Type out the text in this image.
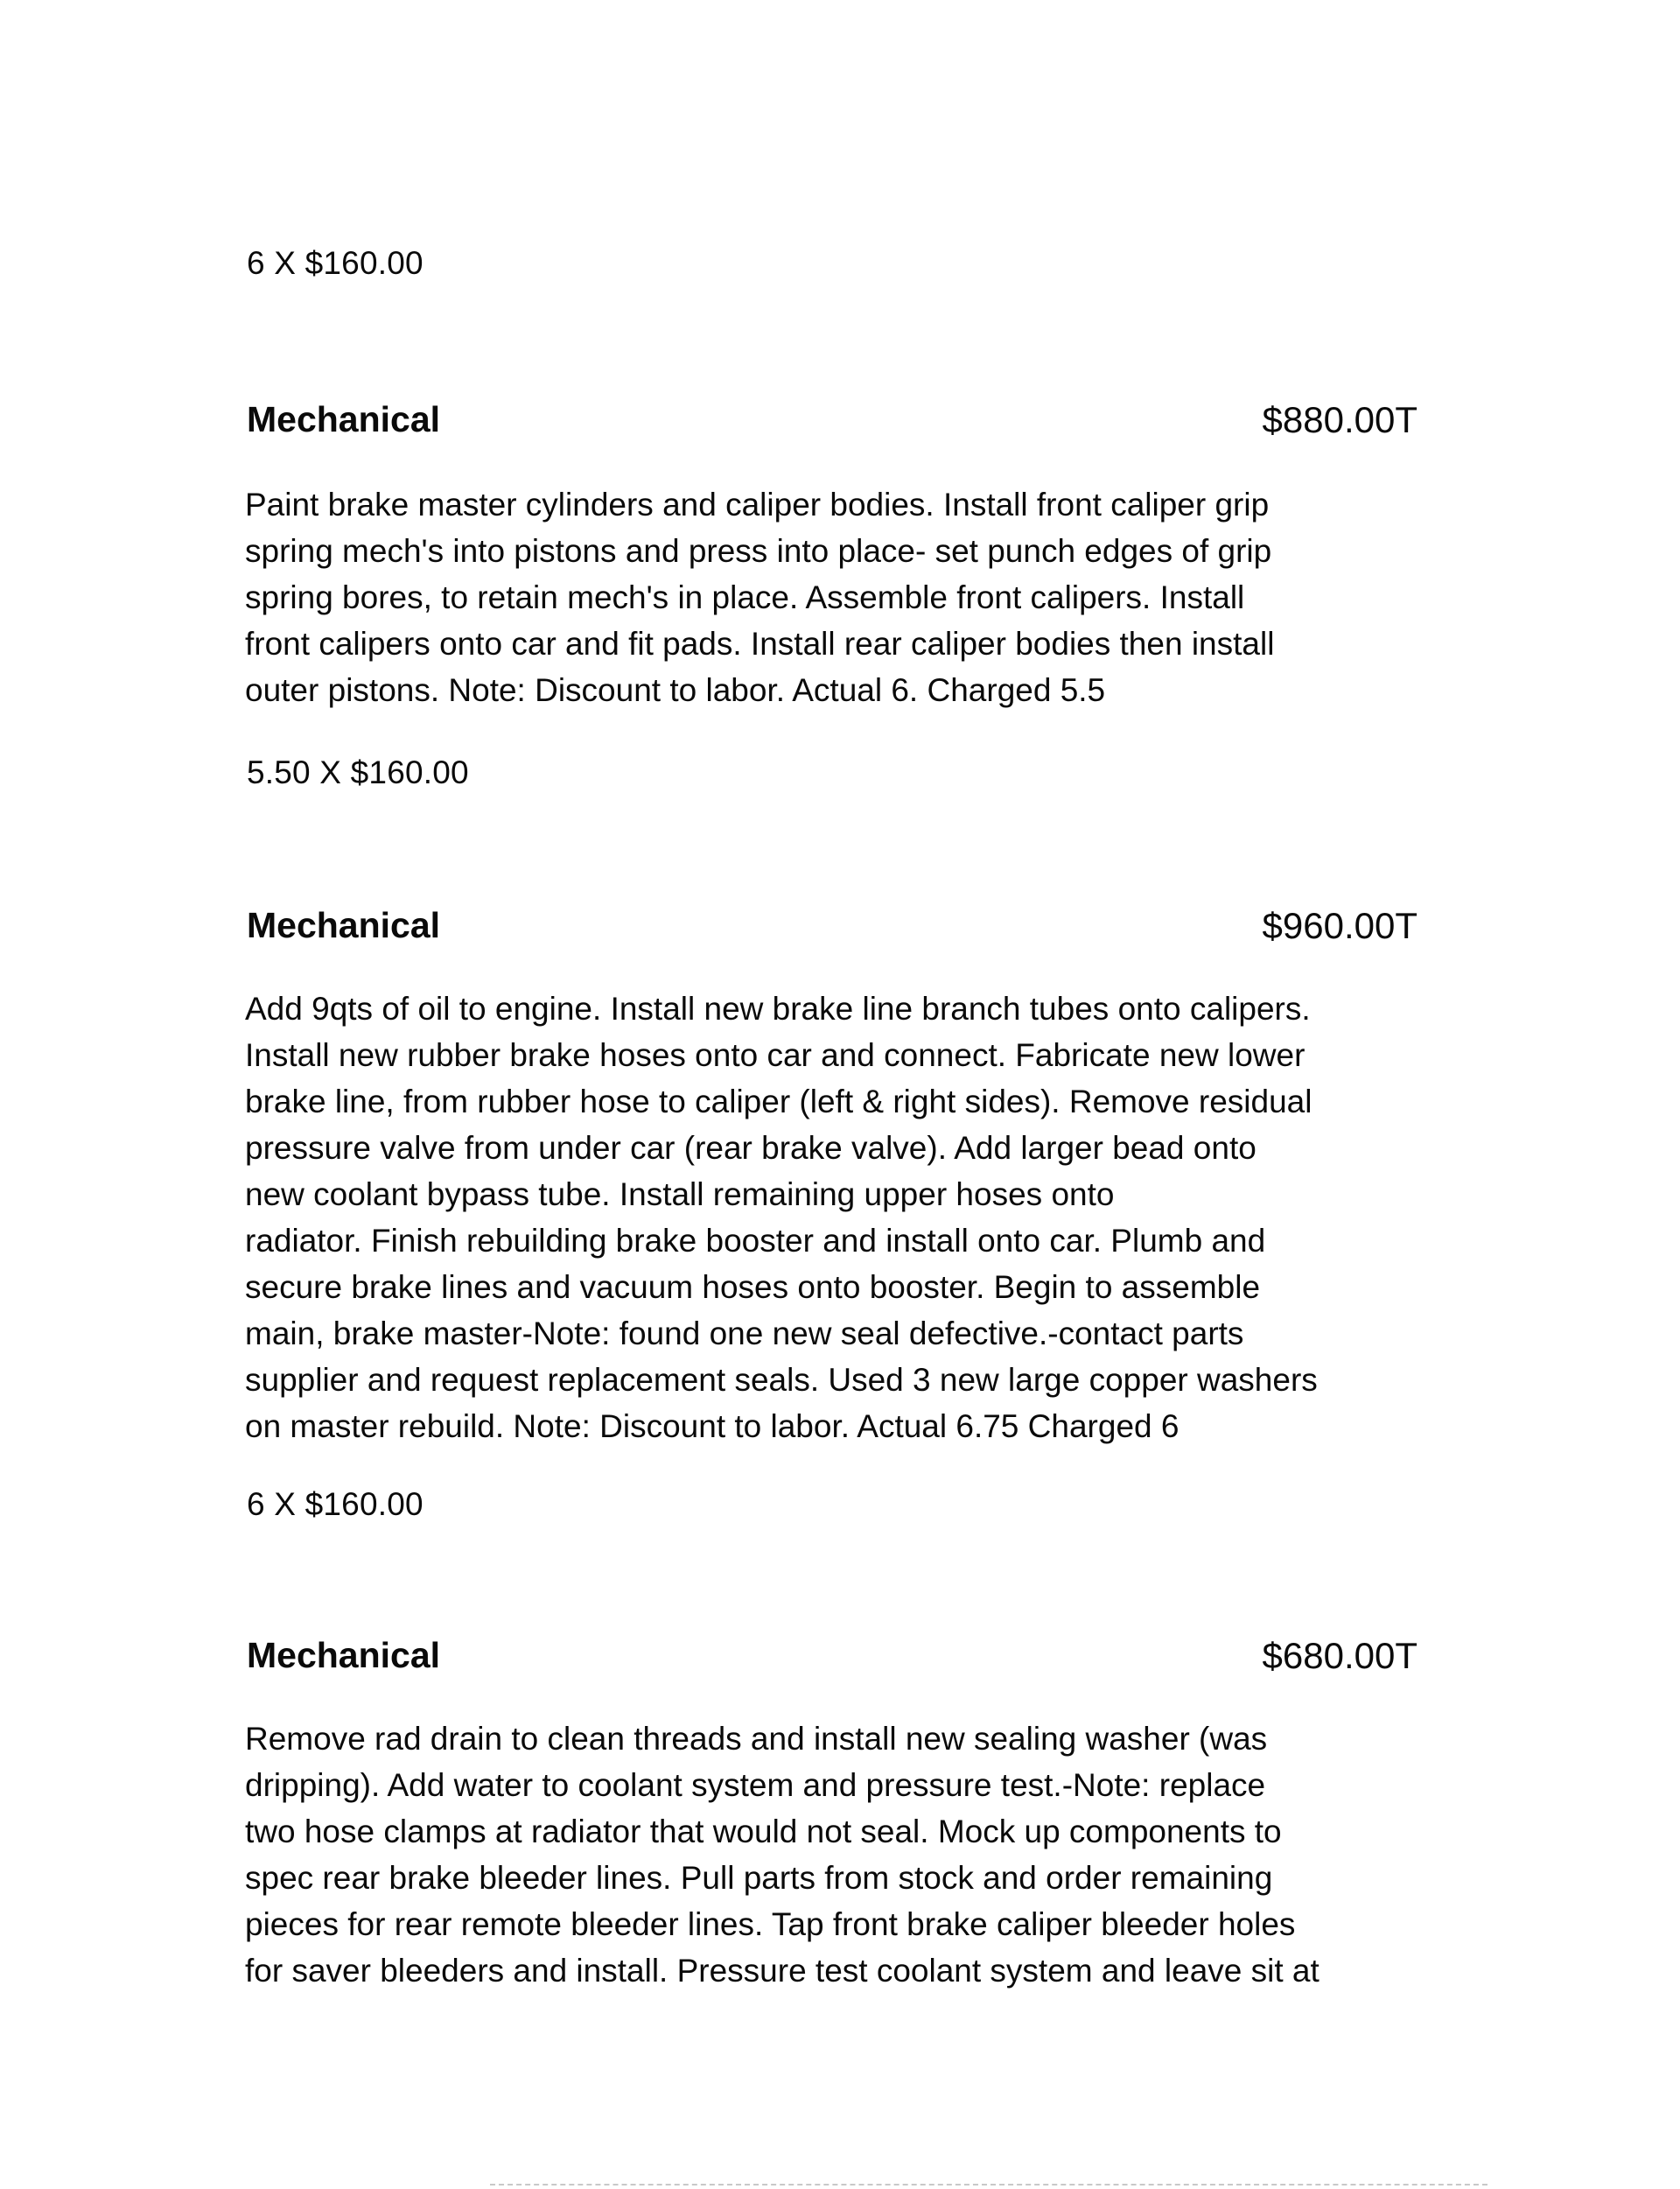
6 X $160.00
Mechanical	$880.00T

Paint brake master cylinders and caliper bodies. Install front caliper grip
spring mech's into pistons and press into place- set punch edges of grip
spring bores, to retain mech's in place. Assemble front calipers. Install
front calipers onto car and fit pads. Install rear caliper bodies then install
outer pistons. Note: Discount to labor. Actual 6. Charged 5.5

5.50 X $160.00
Mechanical	$960.00T

Add 9qts of oil to engine. Install new brake line branch tubes onto calipers.
Install new rubber brake hoses onto car and connect. Fabricate new lower
brake line, from rubber hose to caliper (left & right sides). Remove residual
pressure valve from under car (rear brake valve). Add larger bead onto
new coolant bypass tube. Install remaining upper hoses onto
radiator. Finish rebuilding brake booster and install onto car. Plumb and
secure brake lines and vacuum hoses onto booster. Begin to assemble
main, brake master-Note: found one new seal defective.-contact parts
supplier and request replacement seals. Used 3 new large copper washers
on master rebuild. Note: Discount to labor. Actual 6.75 Charged 6

6 X $160.00
Mechanical	$680.00T

Remove rad drain to clean threads and install new sealing washer (was
dripping). Add water to coolant system and pressure test.-Note: replace
two hose clamps at radiator that would not seal. Mock up components to
spec rear brake bleeder lines. Pull parts from stock and order remaining
pieces for rear remote bleeder lines. Tap front brake caliper bleeder holes
for saver bleeders and install. Pressure test coolant system and leave sit at
